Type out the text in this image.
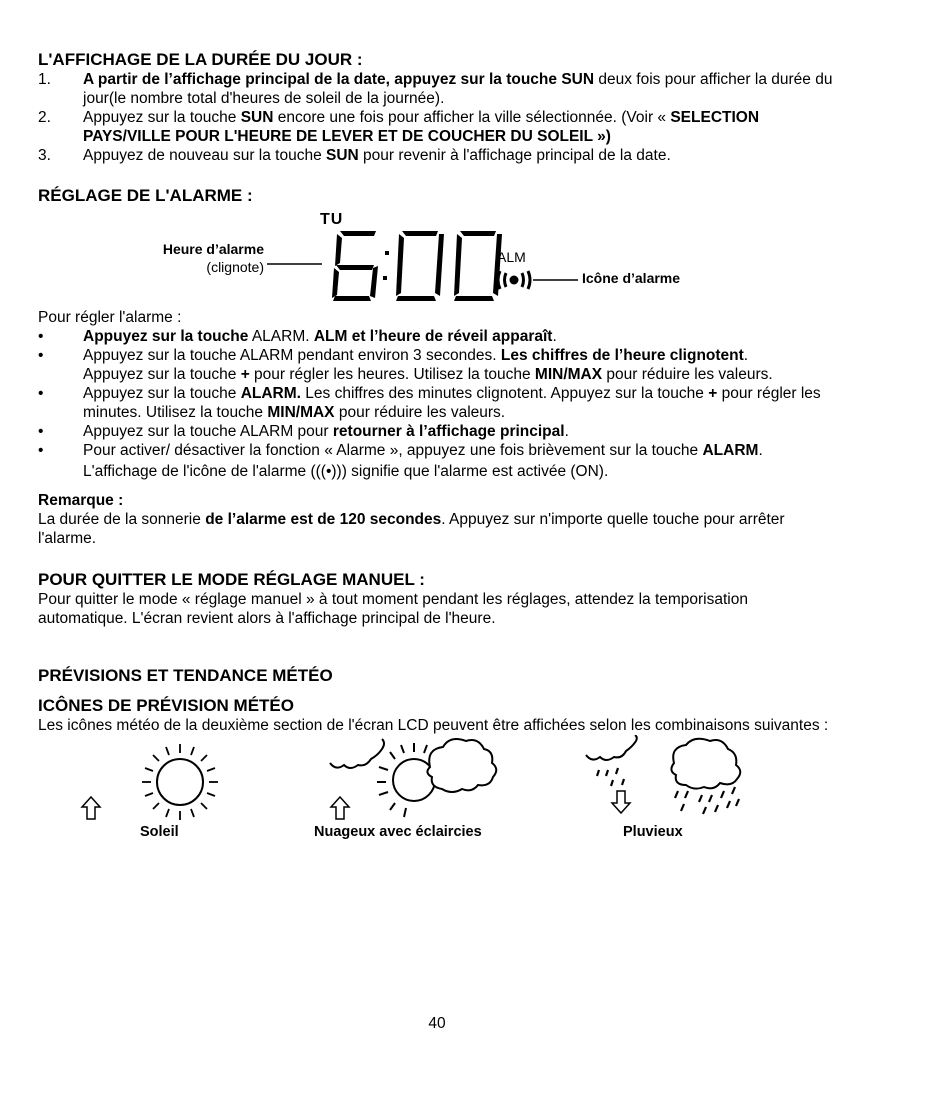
L'AFFICHAGE DE LA DURÉE DU JOUR :
1. A partir de l’affichage principal de la date, appuyez sur la touche SUN deux fois pour afficher la durée du jour(le nombre total d'heures de soleil de la journée).
2. Appuyez sur la touche SUN encore une fois pour afficher la ville sélectionnée. (Voir « SELECTION PAYS/VILLE POUR L'HEURE DE LEVER ET DE COUCHER DU SOLEIL »)
3. Appuyez de nouveau sur la touche SUN pour revenir à l'affichage principal de la date.
RÉGLAGE DE L'ALARME :
TU
Heure d’alarme
(clignote)
ALM
Icône d’alarme

Pour régler l'alarme :

•	Appuyez sur la touche ALARM. ALM et l’heure de réveil apparaît.
•	Appuyez sur la touche ALARM pendant environ 3 secondes. Les chiffres de l’heure clignotent.
Appuyez sur la touche + pour régler les heures. Utilisez la touche MIN/MAX pour réduire les valeurs.
•	Appuyez sur la touche ALARM. Les chiffres des minutes clignotent. Appuyez sur la touche + pour régler les minutes. Utilisez la touche MIN/MAX pour réduire les valeurs.
•	Appuyez sur la touche ALARM pour retourner à l’affichage principal.
•	Pour activer/ désactiver la fonction « Alarme », appuyez une fois brièvement sur la touche ALARM.
L'affichage de l'icône de l'alarme (((•))) signifie que l'alarme est activée (ON).
Remarque :

La durée de la sonnerie de l’alarme est de 120 secondes. Appuyez sur n'importe quelle touche pour arrêter l'alarme.

POUR QUITTER LE MODE RÉGLAGE MANUEL :

Pour quitter le mode « réglage manuel » à tout moment pendant les réglages, attendez la temporisation automatique. L'écran revient alors à l'affichage principal de l'heure.

PRÉVISIONS ET TENDANCE MÉTÉO
ICÔNES DE PRÉVISION MÉTÉO

Les icônes météo de la deuxième section de l'écran LCD peuvent être affichées selon les combinaisons suivantes :

Soleil	Nuageux avec éclaircies	Pluvieux
40
